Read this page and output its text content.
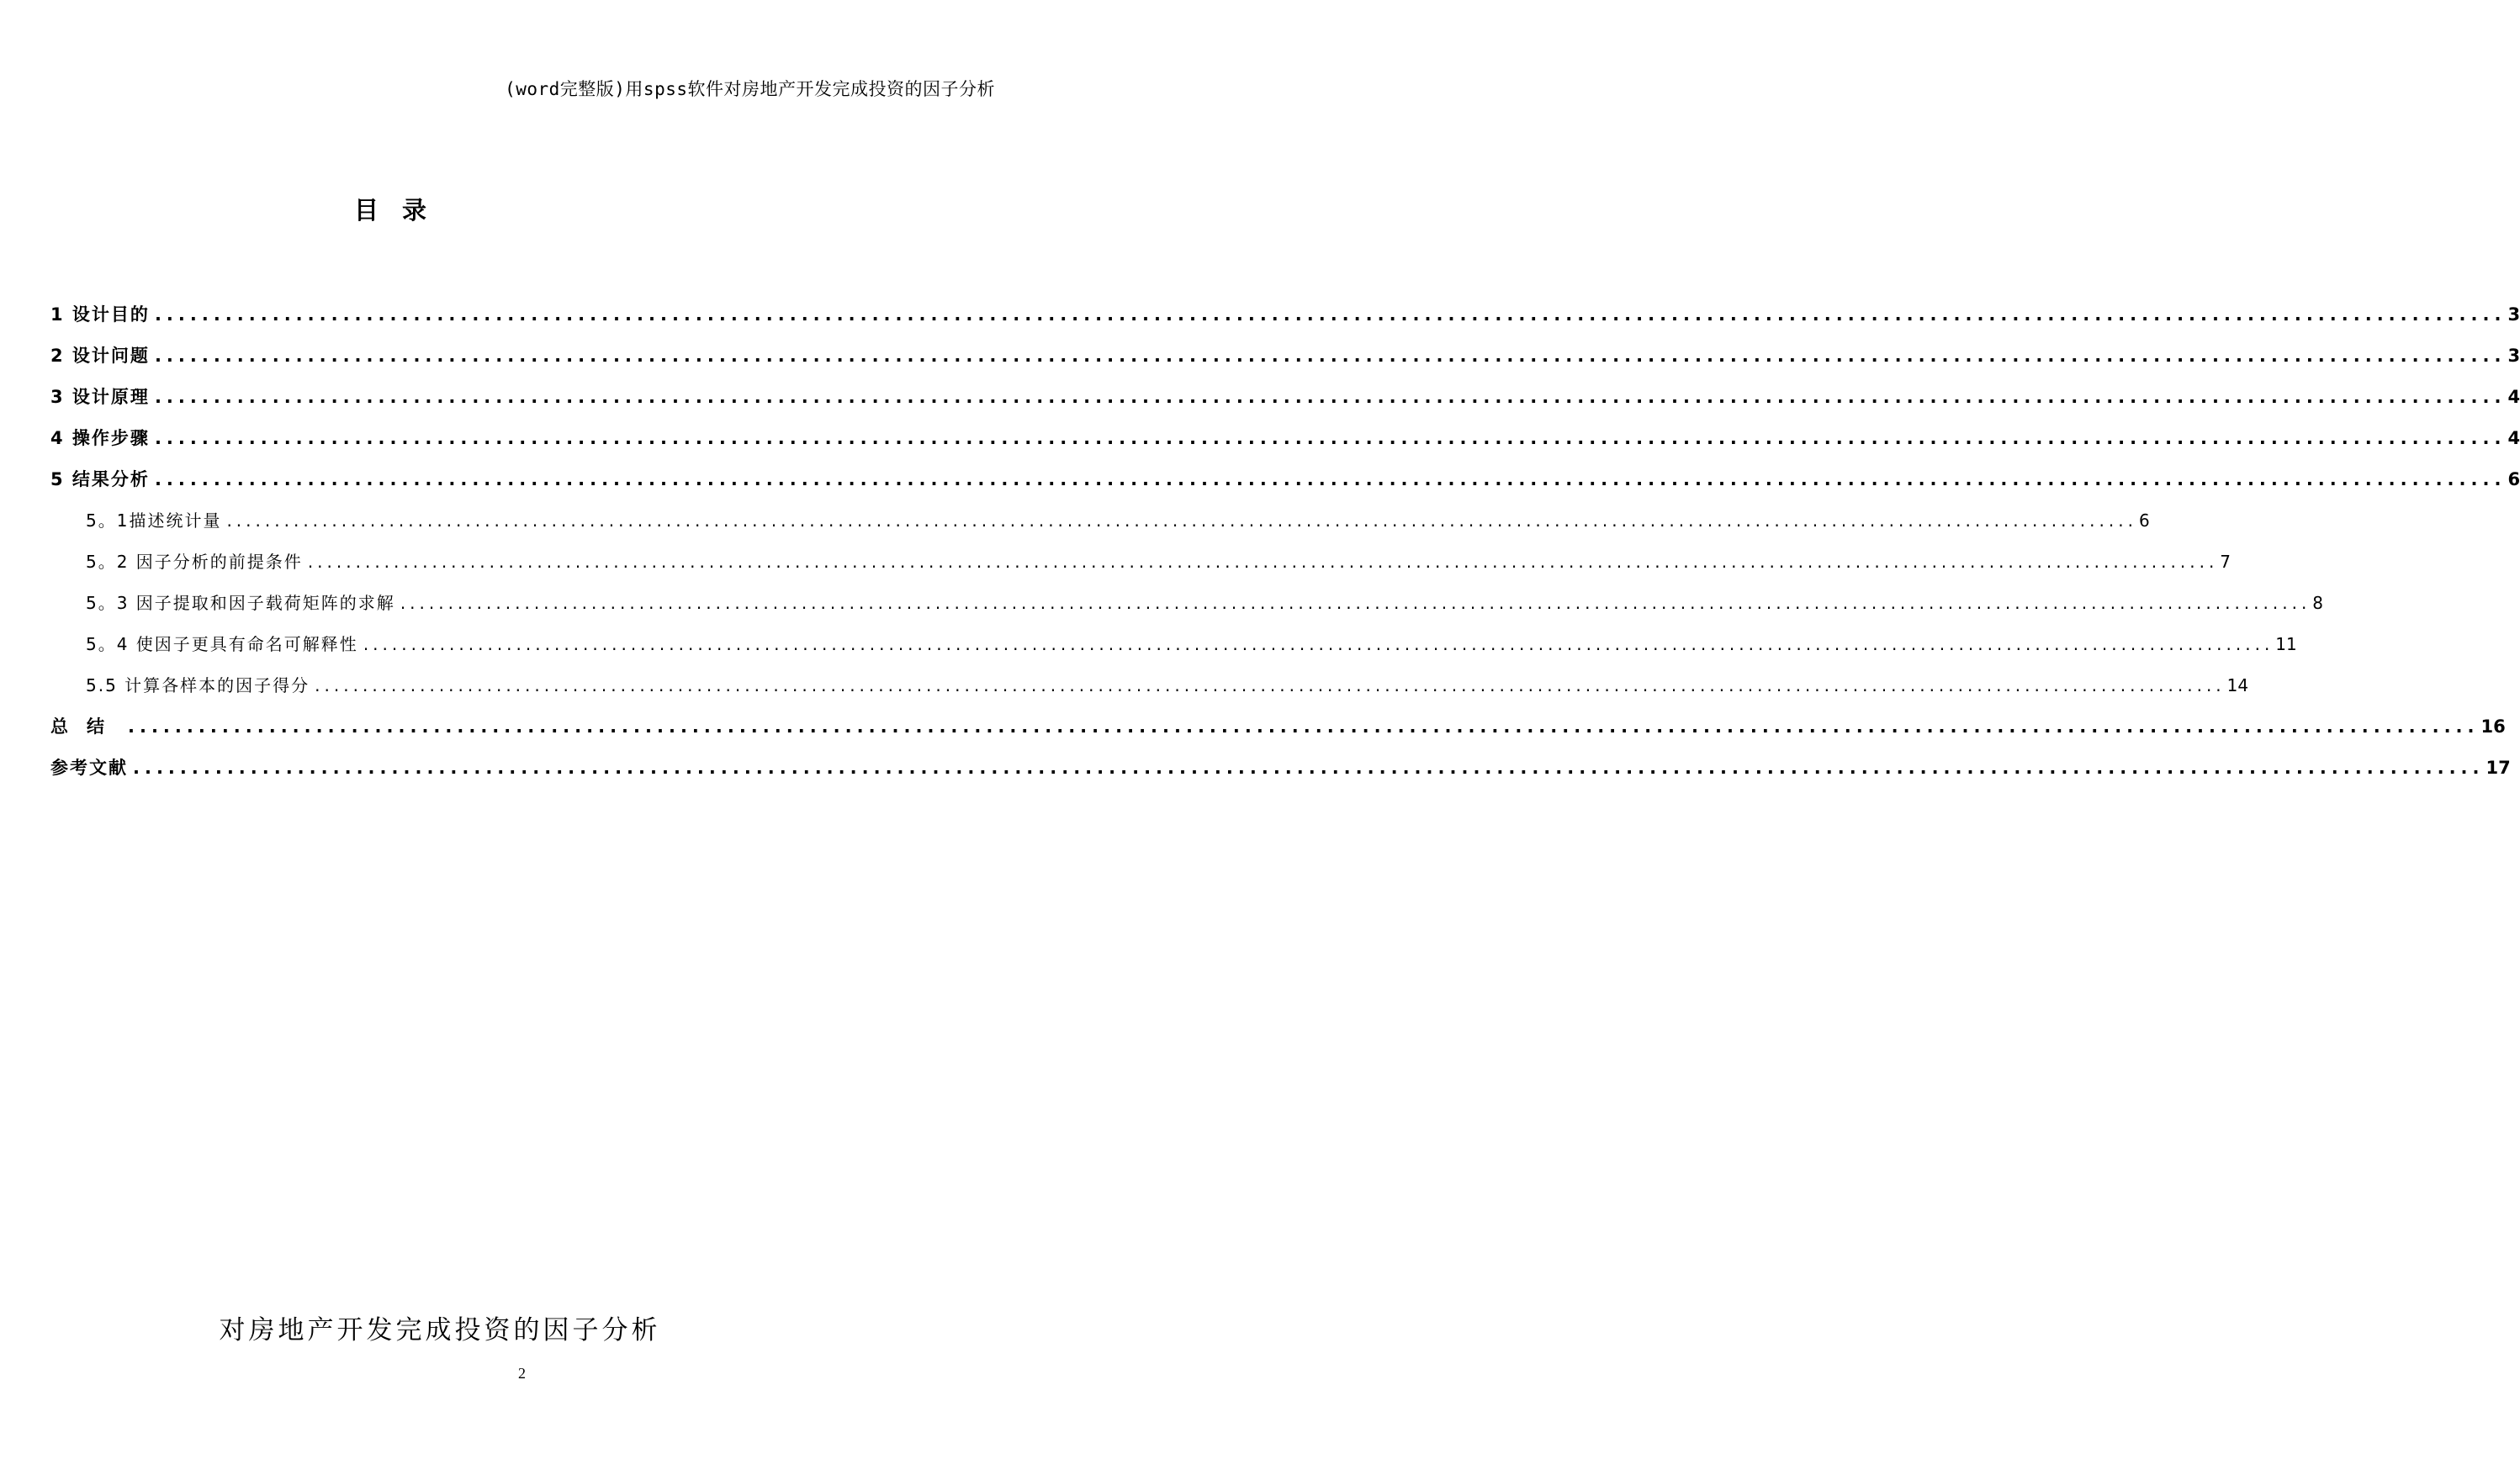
(word完整版)用spss软件对房地产开发完成投资的因子分析
目录
1 设计目的 ........................................................................................................................................................................................................ 3
2 设计问题 ........................................................................................................................................................................................................ 3
3 设计原理 ........................................................................................................................................................................................................ 4
4 操作步骤 ........................................................................................................................................................................................................ 4
5 结果分析 ........................................................................................................................................................................................................ 6
5。1描述统计量 ........................................................................................................................................................................................................ 6
5。2 因子分析的前提条件 ........................................................................................................................................................................................................ 7
5。3 因子提取和因子载荷矩阵的求解 ........................................................................................................................................................................................................ 8
5。4 使因子更具有命名可解释性 ........................................................................................................................................................................................................ 11
5.5 计算各样本的因子得分 ........................................................................................................................................................................................................ 14
总结 ........................................................................................................................................................................................................ 16
参考文献 ........................................................................................................................................................................................................ 17
对房地产开发完成投资的因子分析
2
